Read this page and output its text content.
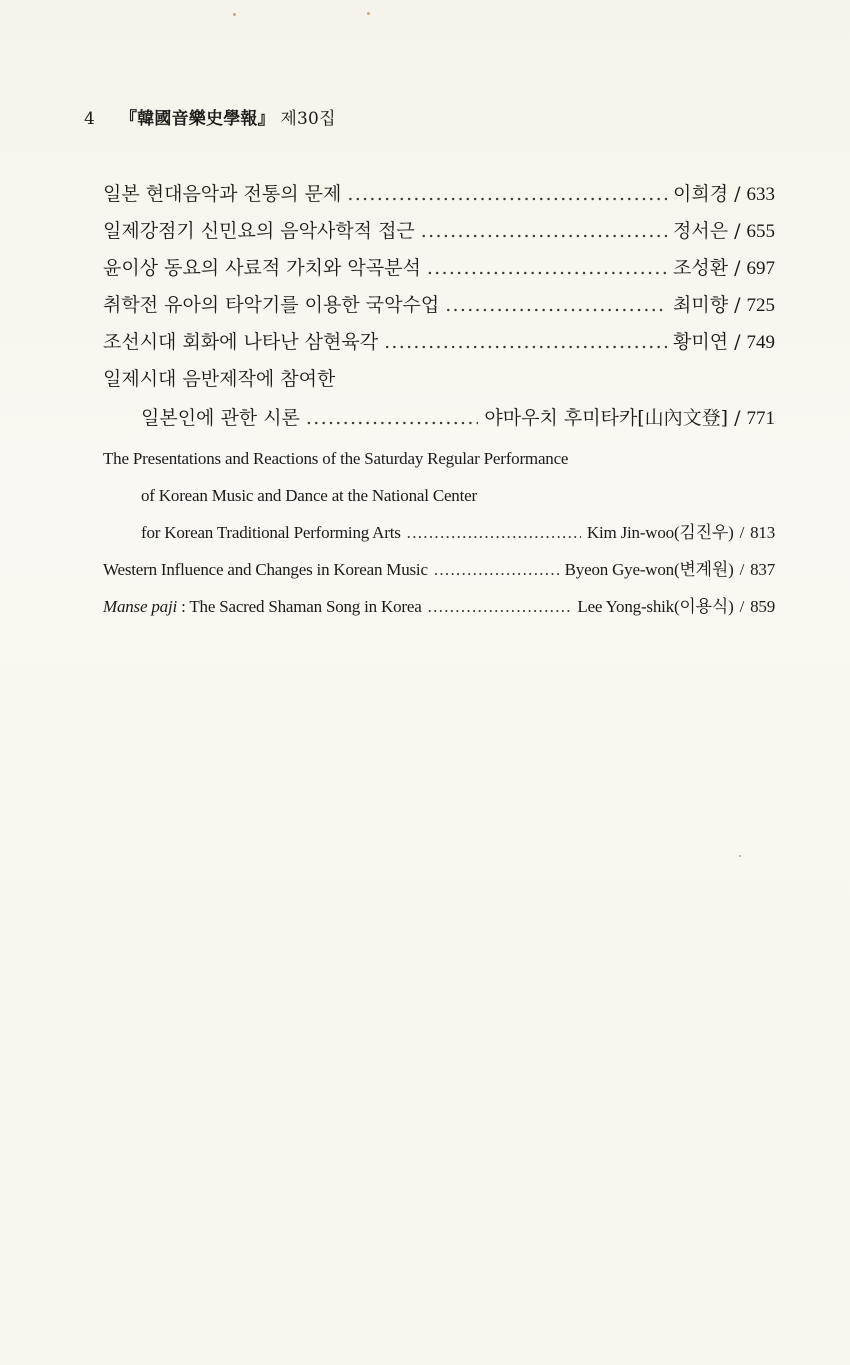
4 『韓國音樂史學報』 제30집
일본 현대음악과 전통의 문제 .....	이희경 / 633
일제강점기 신민요의 음악사학적 접근 .....	정서은 / 655
윤이상 동요의 사료적 가치와 악곡분석 .....	조성환 / 697
취학전 유아의 타악기를 이용한 국악수업 .....	최미향 / 725
조선시대 회화에 나타난 삼현육각 .....	황미연 / 749
일제시대 음반제작에 참여한
일본인에 관한 시론 .....	야마우치 후미타카[山內文登] / 771
The Presentations and Reactions of the Saturday Regular Performance
of Korean Music and Dance at the National Center
for Korean Traditional Performing Arts .....	Kim Jin-woo(김진우) / 813
Western Influence and Changes in Korean Music .....	Byeon Gye-won(변계원) / 837
Manse paji : The Sacred Shaman Song in Korea .....	Lee Yong-shik(이용식) / 859
